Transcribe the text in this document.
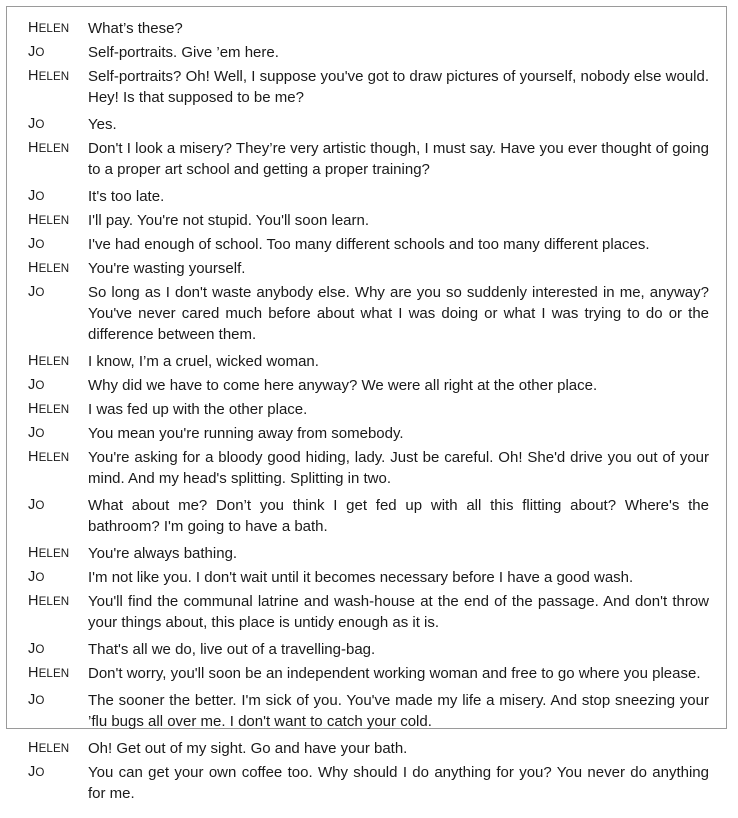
HELEN	What’s these?
JO	Self-portraits. Give ’em here.
HELEN	Self-portraits? Oh! Well, I suppose you've got to draw pictures of yourself, nobody else would. Hey! Is that supposed to be me?
JO	Yes.
HELEN	Don't I look a misery? They’re very artistic though, I must say. Have you ever thought of going to a proper art school and getting a proper training?
JO	It's too late.
HELEN	I'll pay. You're not stupid. You'll soon learn.
JO	I've had enough of school. Too many different schools and too many different places.
HELEN	You're wasting yourself.
JO	So long as I don't waste anybody else. Why are you so suddenly interested in me, anyway? You've never cared much before about what I was doing or what I was trying to do or the difference between them.
HELEN	I know, I’m a cruel, wicked woman.
JO	Why did we have to come here anyway? We were all right at the other place.
HELEN	I was fed up with the other place.
JO	You mean you're running away from somebody.
HELEN	You're asking for a bloody good hiding, lady. Just be careful. Oh! She'd drive you out of your mind. And my head's splitting. Splitting in two.
JO	What about me? Don’t you think I get fed up with all this flitting about? Where's the bathroom? I'm going to have a bath.
HELEN	You're always bathing.
JO	I'm not like you. I don't wait until it becomes necessary before I have a good wash.
HELEN	You'll find the communal latrine and wash-house at the end of the passage. And don't throw your things about, this place is untidy enough as it is.
JO	That's all we do, live out of a travelling-bag.
HELEN	Don't worry, you'll soon be an independent working woman and free to go where you please.
JO	The sooner the better. I'm sick of you. You've made my life a misery. And stop sneezing your ’flu bugs all over me. I don't want to catch your cold.
HELEN	Oh! Get out of my sight. Go and have your bath.
JO	You can get your own coffee too. Why should I do anything for you? You never do anything for me.
